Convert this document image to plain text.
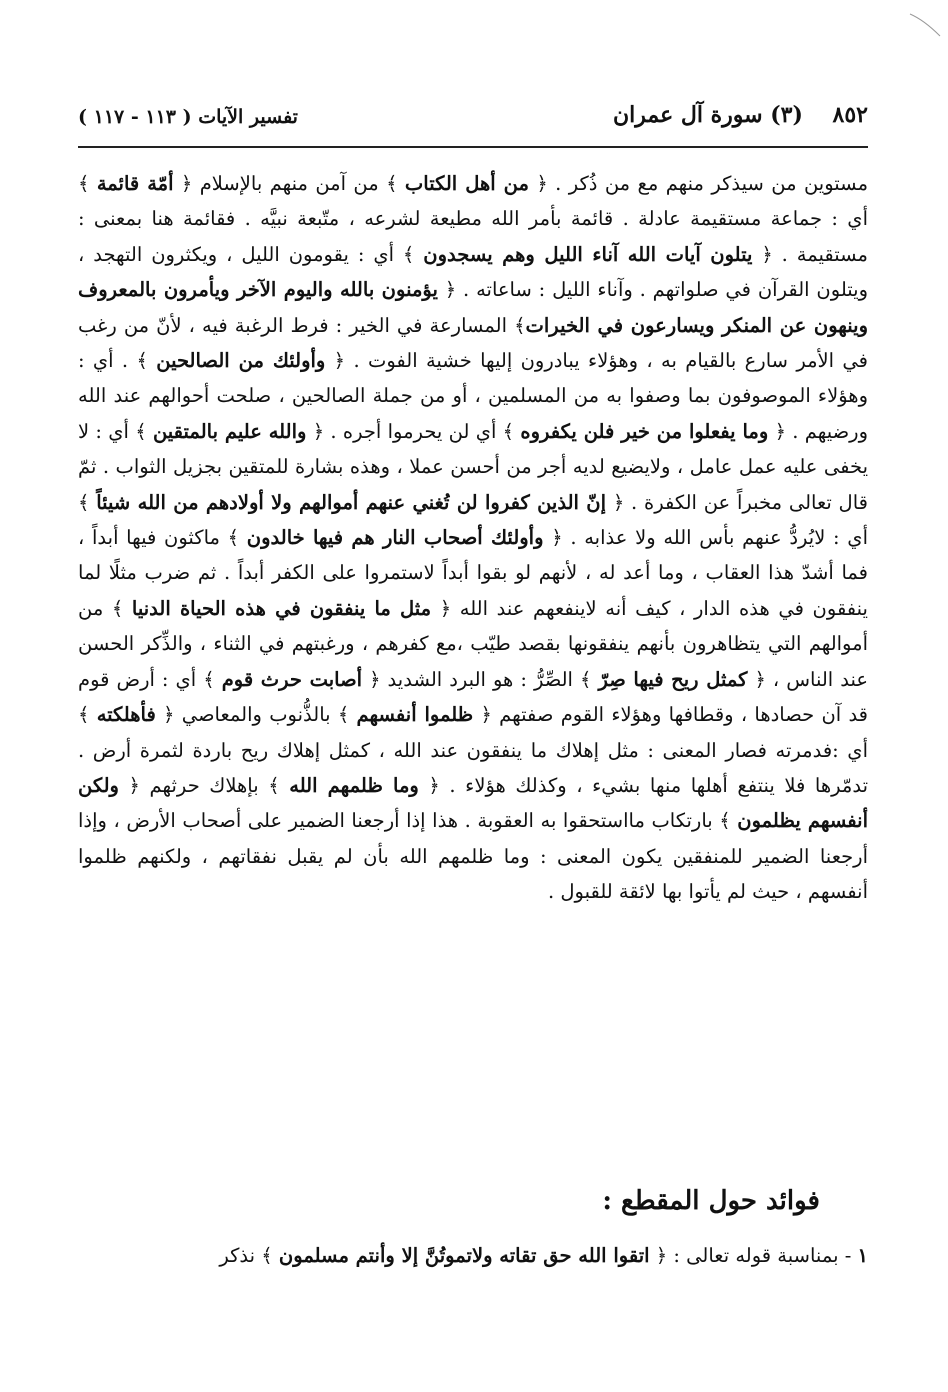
٨٥٢ (٣) سورة آل عمران
تفسير الآيات ( ١١٣ - ١١٧ )

مستوين من سيذكر منهم مع من ذُكر . ﴿ من أهل الكتاب ﴾ من آمن منهم بالإسلام ﴿ أمّة قائمة ﴾ أي : جماعة مستقيمة عادلة . قائمة بأمر الله مطيعة لشرعه ، متّبعة نبيَّه . فقائمة هنا بمعنى : مستقيمة . ﴿ يتلون آيات الله آناء الليل وهم يسجدون ﴾ أي : يقومون الليل ، ويكثرون التهجد ، ويتلون القرآن في صلواتهم . وآناء الليل : ساعاته . ﴿ يؤمنون بالله واليوم الآخر ويأمرون بالمعروف وينهون عن المنكر ويسارعون في الخيرات﴾ المسارعة في الخير : فرط الرغبة فيه ، لأنّ من رغب في الأمر سارع بالقيام به ، وهؤلاء يبادرون إليها خشية الفوت . ﴿ وأولئك من الصالحين ﴾ . أي : وهؤلاء الموصوفون بما وصفوا به من المسلمين ، أو من جملة الصالحين ، صلحت أحوالهم عند الله ورضيهم . ﴿ وما يفعلوا من خير فلن يكفروه ﴾ أي لن يحرموا أجره . ﴿ والله عليم بالمتقين ﴾ أي : لا يخفى عليه عمل عامل ، ولايضيع لديه أجر من أحسن عملا ، وهذه بشارة للمتقين بجزيل الثواب . ثمّ قال تعالى مخبراً عن الكفرة . ﴿ إنّ الذين كفروا لن تُغني عنهم أموالهم ولا أولادهم من الله شيئاً ﴾ أي : لايُردُّ عنهم بأس الله ولا عذابه . ﴿ وأولئك أصحاب النار هم فيها خالدون ﴾ ماكثون فيها أبداً ، فما أشدّ هذا العقاب ، وما أعد له ، لأنهم لو بقوا أبداً لاستمروا على الكفر أبداً . ثم ضرب مثلًا لما ينفقون في هذه الدار ، كيف أنه لاينفعهم عند الله ﴿ مثل ما ينفقون في هذه الحياة الدنيا ﴾ من أموالهم التي يتظاهرون بأنهم ينفقونها بقصد طيّب ،مع كفرهم ، ورغبتهم في الثناء ، والذِّكر الحسن عند الناس ، ﴿ كمثل ريح فيها صِرّ ﴾ الصِّرُّ : هو البرد الشديد ﴿ أصابت حرث قوم ﴾ أي : أرض قوم قد آن حصادها ، وقطافها وهؤلاء القوم صفتهم ﴿ ظلموا أنفسهم ﴾ بالذُّنوب والمعاصي ﴿ فأهلكته ﴾ أي :فدمرته فصار المعنى : مثل إهلاك ما ينفقون عند الله ، كمثل إهلاك ريح باردة لثمرة أرض . تدمّرها فلا ينتفع أهلها منها بشيء ، وكذلك هؤلاء . ﴿ وما ظلمهم الله ﴾ بإهلاك حرثهم ﴿ ولكن أنفسهم يظلمون ﴾ بارتكاب مااستحقوا به العقوبة . هذا إذا أرجعنا الضمير على أصحاب الأرض ، وإذا أرجعنا الضمير للمنفقين يكون المعنى : وما ظلمهم الله بأن لم يقبل نفقاتهم ، ولكنهم ظلموا أنفسهم ، حيث لم يأتوا بها لائقة للقبول .

فوائد حول المقطع :
١ - بمناسبة قوله تعالى : ﴿ اتقوا الله حق تقاته ولاتموتُنَّ إلا وأنتم مسلمون ﴾ نذكر
